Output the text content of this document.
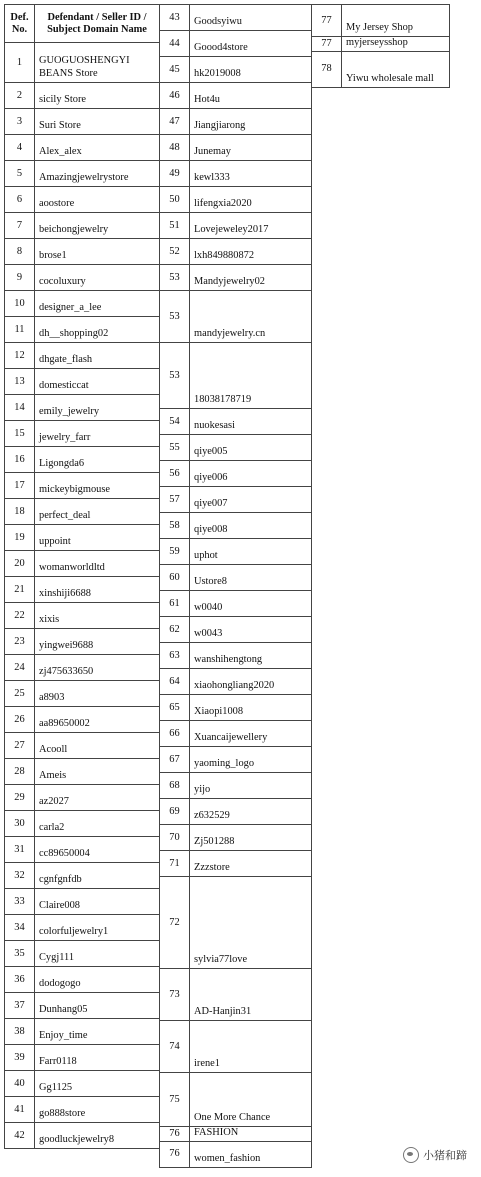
Def. No.	Defendant / Seller ID / Subject Domain Name
1	GUOGUOSHENGYI BEANS Store
2	sicily Store
3	Suri Store
4	Alex_alex
5	Amazingjewelrystore
6	aoostore
7	beichongjewelry
8	brose1
9	cocoluxury
10	designer_a_lee
11	dh__shopping02
12	dhgate_flash
13	domesticcat
14	emily_jewelry
15	jewelry_farr
16	Ligongda6
17	mickeybigmouse
18	perfect_deal
19	uppoint
20	womanworldltd
21	xinshiji6688
22	xixis
23	yingwei9688
24	zj475633650
25	a8903
26	aa89650002
27	Acooll
28	Ameis
29	az2027
30	carla2
31	cc89650004
32	cgnfgnfdb
33	Claire008
34	colorfuljewelry1
35	Cygj111
36	dodogogo
37	Dunhang05
38	Enjoy_time
39	Farr0118
40	Gg1125
41	go888store
42	goodluckjewelry8
43	Goodsyiwu
44	Goood4store
45	hk2019008
46	Hot4u
47	Jiangjiarong
48	Junemay
49	kewl333
50	lifengxia2020
51	Lovejeweley2017
52	lxh849880872
53	Mandyjewelry02
53	mandyjewelry.cn
53	18038178719
54	nuokesasi
55	qiye005
56	qiye006
57	qiye007
58	qiye008
59	uphot
60	Ustore8
61	w0040
62	w0043
63	wanshihengtong
64	xiaohongliang2020
65	Xiaopi1008
66	Xuancaijewellery
67	yaoming_logo
68	yijo
69	z632529
70	Zj501288
71	Zzzstore
72	sylvia77love
73	AD-Hanjin31
74	irene1
75	One More Chance
76	FASHION
76	women_fashion
77	My Jersey Shop
77	myjerseysshop
78	Yiwu wholesale mall
小猪和蹄
